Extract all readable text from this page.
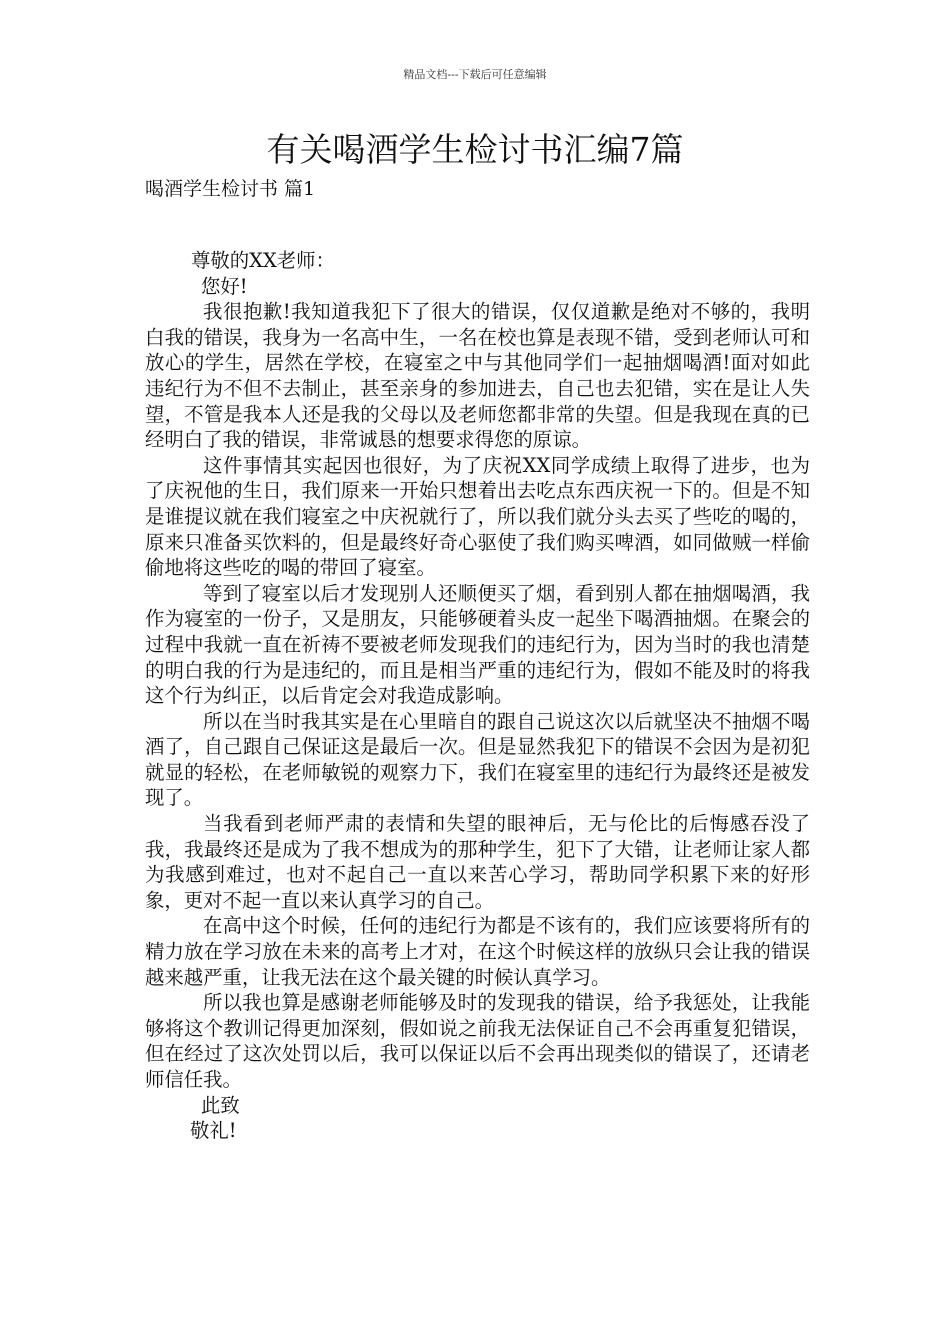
精品文档---下载后可任意编辑
有关喝酒学生检讨书汇编7篇
喝酒学生检讨书 篇1

尊敬的XX老师：

您好!

我很抱歉!我知道我犯下了很大的错误，仅仅道歉是绝对不够的，我明白我的错误，我身为一名高中生，一名在校也算是表现不错，受到老师认可和放心的学生，居然在学校，在寝室之中与其他同学们一起抽烟喝酒!面对如此违纪行为不但不去制止，甚至亲身的参加进去，自己也去犯错，实在是让人失望，不管是我本人还是我的父母以及老师您都非常的失望。但是我现在真的已经明白了我的错误，非常诚恳的想要求得您的原谅。

这件事情其实起因也很好，为了庆祝XX同学成绩上取得了进步，也为了庆祝他的生日，我们原来一开始只想着出去吃点东西庆祝一下的。但是不知是谁提议就在我们寝室之中庆祝就行了，所以我们就分头去买了些吃的喝的，原来只准备买饮料的，但是最终好奇心驱使了我们购买啤酒，如同做贼一样偷偷地将这些吃的喝的带回了寝室。

等到了寝室以后才发现别人还顺便买了烟，看到别人都在抽烟喝酒，我作为寝室的一份子，又是朋友，只能够硬着头皮一起坐下喝酒抽烟。在聚会的过程中我就一直在祈祷不要被老师发现我们的违纪行为，因为当时的我也清楚的明白我的行为是违纪的，而且是相当严重的违纪行为，假如不能及时的将我这个行为纠正，以后肯定会对我造成影响。

所以在当时我其实是在心里暗自的跟自己说这次以后就坚决不抽烟不喝酒了，自己跟自己保证这是最后一次。但是显然我犯下的错误不会因为是初犯就显的轻松，在老师敏锐的观察力下，我们在寝室里的违纪行为最终还是被发现了。

当我看到老师严肃的表情和失望的眼神后，无与伦比的后悔感吞没了我，我最终还是成为了我不想成为的那种学生，犯下了大错，让老师让家人都为我感到难过，也对不起自己一直以来苦心学习，帮助同学积累下来的好形象，更对不起一直以来认真学习的自己。

在高中这个时候，任何的违纪行为都是不该有的，我们应该要将所有的精力放在学习放在未来的高考上才对，在这个时候这样的放纵只会让我的错误越来越严重，让我无法在这个最关键的时候认真学习。

所以我也算是感谢老师能够及时的发现我的错误，给予我惩处，让我能够将这个教训记得更加深刻，假如说之前我无法保证自己不会再重复犯错误，但在经过了这次处罚以后，我可以保证以后不会再出现类似的错误了，还请老师信任我。

此致

敬礼!
